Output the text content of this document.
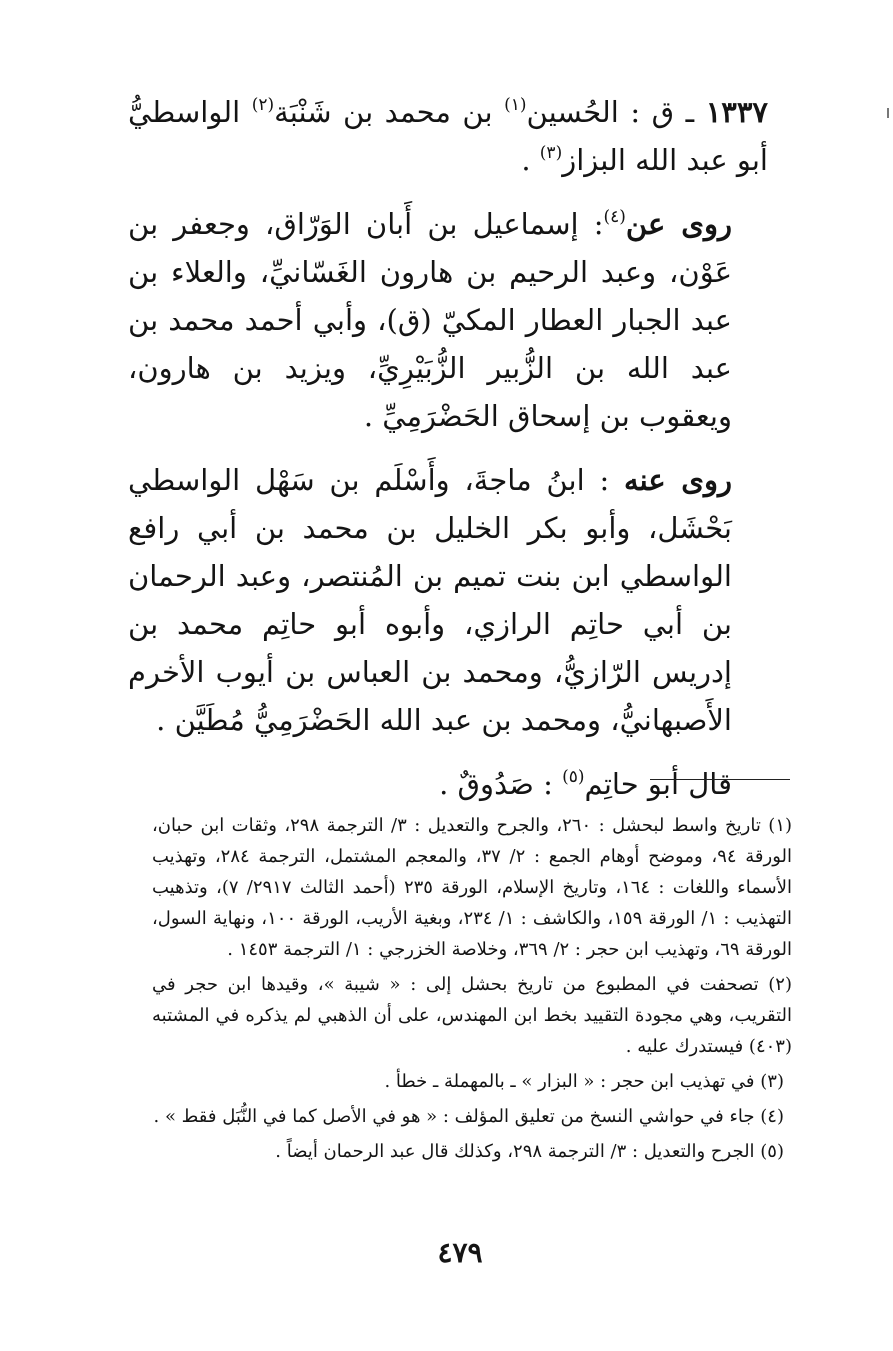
١٣٣٧ ـ ق : الحُسين$^{(١)}$ بن محمد بن شَنْبَة$^{(٢)}$ الواسطيُّ أبو عبد الله البزاز$^{(٣)}$ .

روى عن$^{(٤)}$: إسماعيل بن أَبان الوَرّاق، وجعفر بن عَوْن، وعبد الرحيم بن هارون الغَسّانيِّ، والعلاء بن عبد الجبار العطار المكيّ (ق)، وأبي أحمد محمد بن عبد الله بن الزُّبير الزُّبَيْرِيِّ، ويزيد بن هارون، ويعقوب بن إسحاق الحَضْرَمِيِّ .

روى عنه : ابنُ ماجةَ، وأَسْلَم بن سَهْل الواسطي بَحْشَل، وأبو بكر الخليل بن محمد بن أبي رافع الواسطي ابن بنت تميم بن المُنتصر، وعبد الرحمان بن أبي حاتِم الرازي، وأبوه أبو حاتِم محمد بن إدريس الرّازيُّ، ومحمد بن العباس بن أيوب الأخرم الأَصبهانيُّ، ومحمد بن عبد الله الحَضْرَمِيُّ مُطَيَّن .

قال أبو حاتِم$^{(٥)}$ : صَدُوقٌ .

(١) تاريخ واسط لبحشل : ٢٦٠، والجرح والتعديل : ٣/ الترجمة ٢٩٨، وثقات ابن حبان، الورقة ٩٤، وموضح أوهام الجمع : ٢/ ٣٧، والمعجم المشتمل، الترجمة ٢٨٤، وتهذيب الأسماء واللغات : ١٦٤، وتاريخ الإسلام، الورقة ٢٣٥ (أحمد الثالث ٢٩١٧/ ٧)، وتذهيب التهذيب : ١/ الورقة ١٥٩، والكاشف : ١/ ٢٣٤، وبغية الأريب، الورقة ١٠٠، ونهاية السول، الورقة ٦٩، وتهذيب ابن حجر : ٢/ ٣٦٩، وخلاصة الخزرجي : ١/ الترجمة ١٤٥٣ .

(٢) تصحفت في المطبوع من تاريخ بحشل إلى : « شيبة »، وقيدها ابن حجر في التقريب، وهي مجودة التقييد بخط ابن المهندس، على أن الذهبي لم يذكره في المشتبه (٤٠٣) فيستدرك عليه .

(٣) في تهذيب ابن حجر : « البزار » ـ بالمهملة ـ خطأ .

(٤) جاء في حواشي النسخ من تعليق المؤلف : « هو في الأصل كما في النُّبَل فقط » .

(٥) الجرح والتعديل : ٣/ الترجمة ٢٩٨، وكذلك قال عبد الرحمان أيضاً .

٤٧٩
